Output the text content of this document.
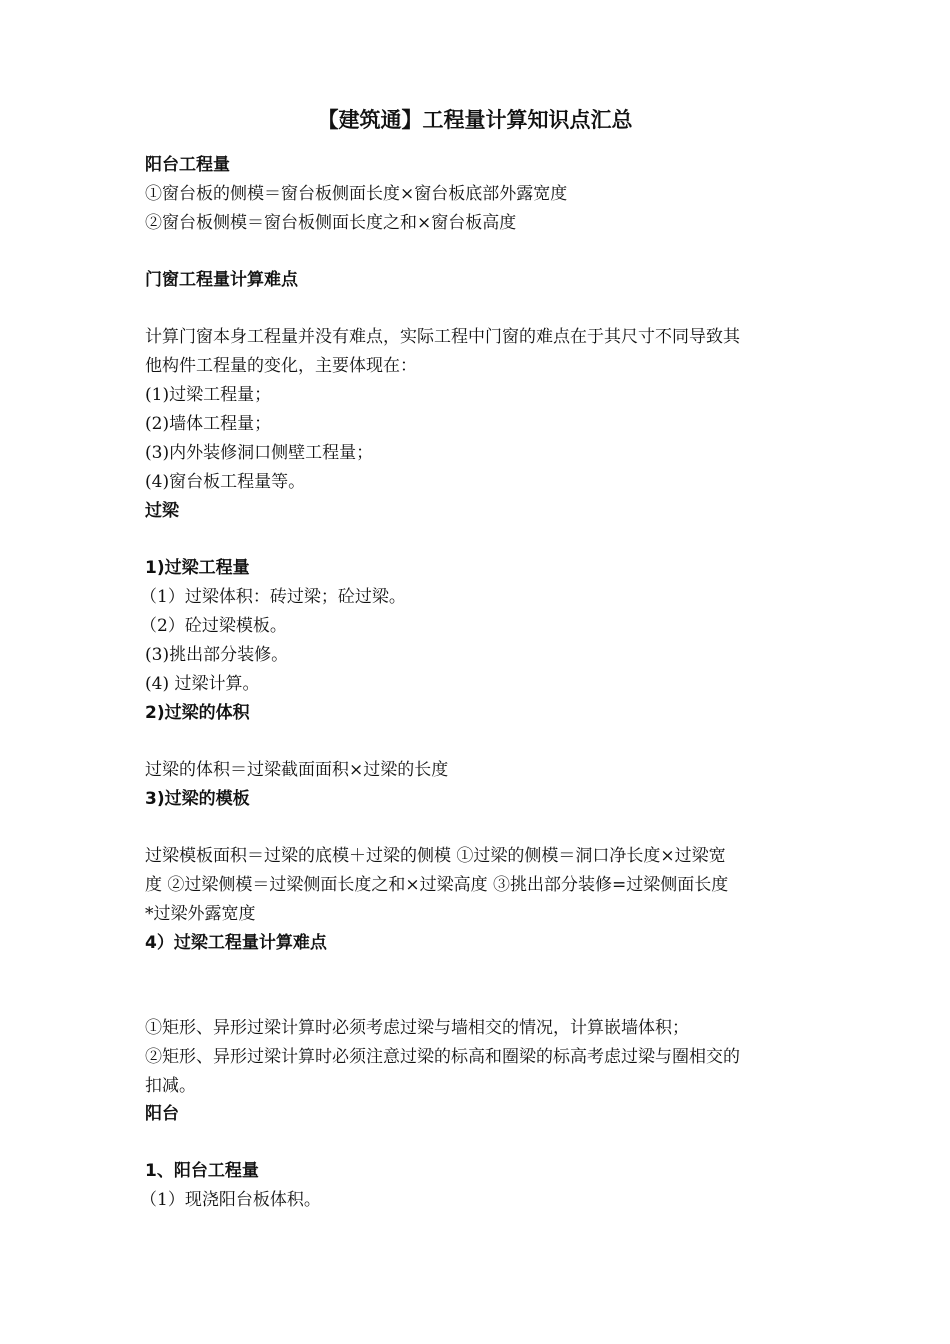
【建筑通】工程量计算知识点汇总
阳台工程量
①窗台板的侧模＝窗台板侧面长度×窗台板底部外露宽度
②窗台板侧模＝窗台板侧面长度之和×窗台板高度
门窗工程量计算难点
计算门窗本身工程量并没有难点，实际工程中门窗的难点在于其尺寸不同导致其
他构件工程量的变化，主要体现在：
(1)过梁工程量；
(2)墙体工程量；
(3)内外装修洞口侧壁工程量；
(4)窗台板工程量等。
过梁
1)过梁工程量
（1）过梁体积：砖过梁；砼过梁。
（2）砼过梁模板。
(3)挑出部分装修。
(4) 过梁计算。
2)过梁的体积
过梁的体积＝过梁截面面积×过梁的长度
3)过梁的模板
过梁模板面积＝过梁的底模＋过梁的侧模 ①过梁的侧模＝洞口净长度×过梁宽
度 ②过梁侧模＝过梁侧面长度之和×过梁高度 ③挑出部分装修=过梁侧面长度
*过梁外露宽度
4）过梁工程量计算难点
①矩形、异形过梁计算时必须考虑过梁与墙相交的情况，计算嵌墙体积；
②矩形、异形过梁计算时必须注意过梁的标高和圈梁的标高考虑过梁与圈相交的
扣减。
阳台
1、阳台工程量
（1）现浇阳台板体积。
